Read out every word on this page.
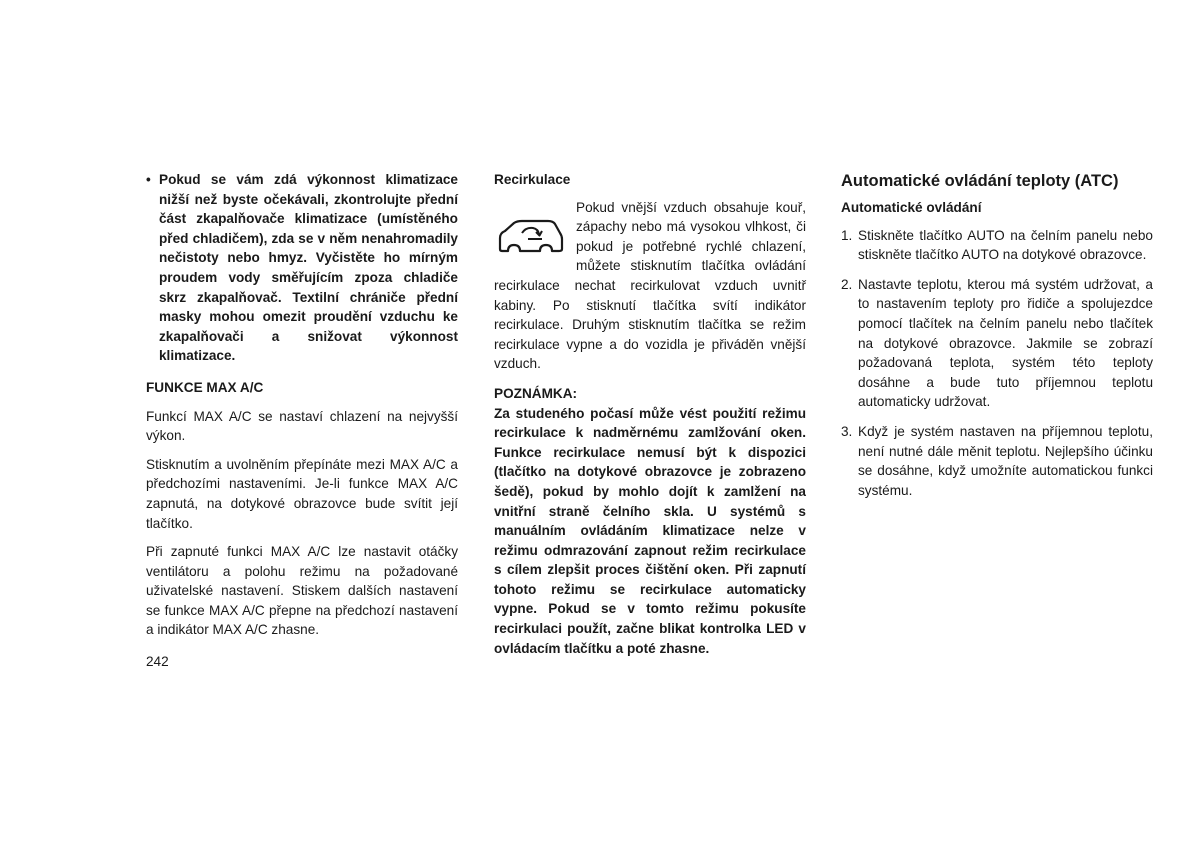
• Pokud se vám zdá výkonnost klimatizace nižší než byste očekávali, zkontrolujte přední část zkapalňovače klimatizace (umístěného před chladičem), zda se v něm nenahromadily nečistoty nebo hmyz. Vyčistěte ho mírným proudem vody směřujícím zpoza chladiče skrz zkapalňovač. Textilní chrániče přední masky mohou omezit proudění vzduchu ke zkapalňovači a snižovat výkonnost klimatizace.
FUNKCE MAX A/C

Funkcí MAX A/C se nastaví chlazení na nejvyšší výkon.

Stisknutím a uvolněním přepínáte mezi MAX A/C a předchozími nastaveními. Je-li funkce MAX A/C zapnutá, na dotykové obrazovce bude svítit její tlačítko.

Při zapnuté funkci MAX A/C lze nastavit otáčky ventilátoru a polohu režimu na požadované uživatelské nastavení. Stiskem dalších nastavení se funkce MAX A/C přepne na předchozí nastavení a indikátor MAX A/C zhasne.

Recirkulace

Pokud vnější vzduch obsahuje kouř, zápachy nebo má vysokou vlhkost, či pokud je potřebné rychlé chlazení, můžete stisknutím tlačítka ovládání recirkulace nechat recirkulovat vzduch uvnitř kabiny. Po stisknutí tlačítka svítí indikátor recirkulace. Druhým stisknutím tlačítka se režim recirkulace vypne a do vozidla je přiváděn vnější vzduch.

POZNÁMKA:

Za studeného počasí může vést použití režimu recirkulace k nadměrnému zamlžování oken. Funkce recirkulace nemusí být k dispozici (tlačítko na dotykové obrazovce je zobrazeno šedě), pokud by mohlo dojít k zamlžení na vnitřní straně čelního skla. U systémů s manuálním ovládáním klimatizace nelze v režimu odmrazování zapnout režim recirkulace s cílem zlepšit proces čištění oken. Při zapnutí tohoto režimu se recirkulace automaticky vypne. Pokud se v tomto režimu pokusíte recirkulaci použít, začne blikat kontrolka LED v ovládacím tlačítku a poté zhasne.

Automatické ovládání teploty (ATC)
Automatické ovládání
1. Stiskněte tlačítko AUTO na čelním panelu nebo stiskněte tlačítko AUTO na dotykové obrazovce.
2. Nastavte teplotu, kterou má systém udržovat, a to nastavením teploty pro řidiče a spolujezdce pomocí tlačítek na čelním panelu nebo tlačítek na dotykové obrazovce. Jakmile se zobrazí požadovaná teplota, systém této teploty dosáhne a bude tuto příjemnou teplotu automaticky udržovat.
3. Když je systém nastaven na příjemnou teplotu, není nutné dále měnit teplotu. Nejlepšího účinku se dosáhne, když umožníte automatickou funkci systému.
242
